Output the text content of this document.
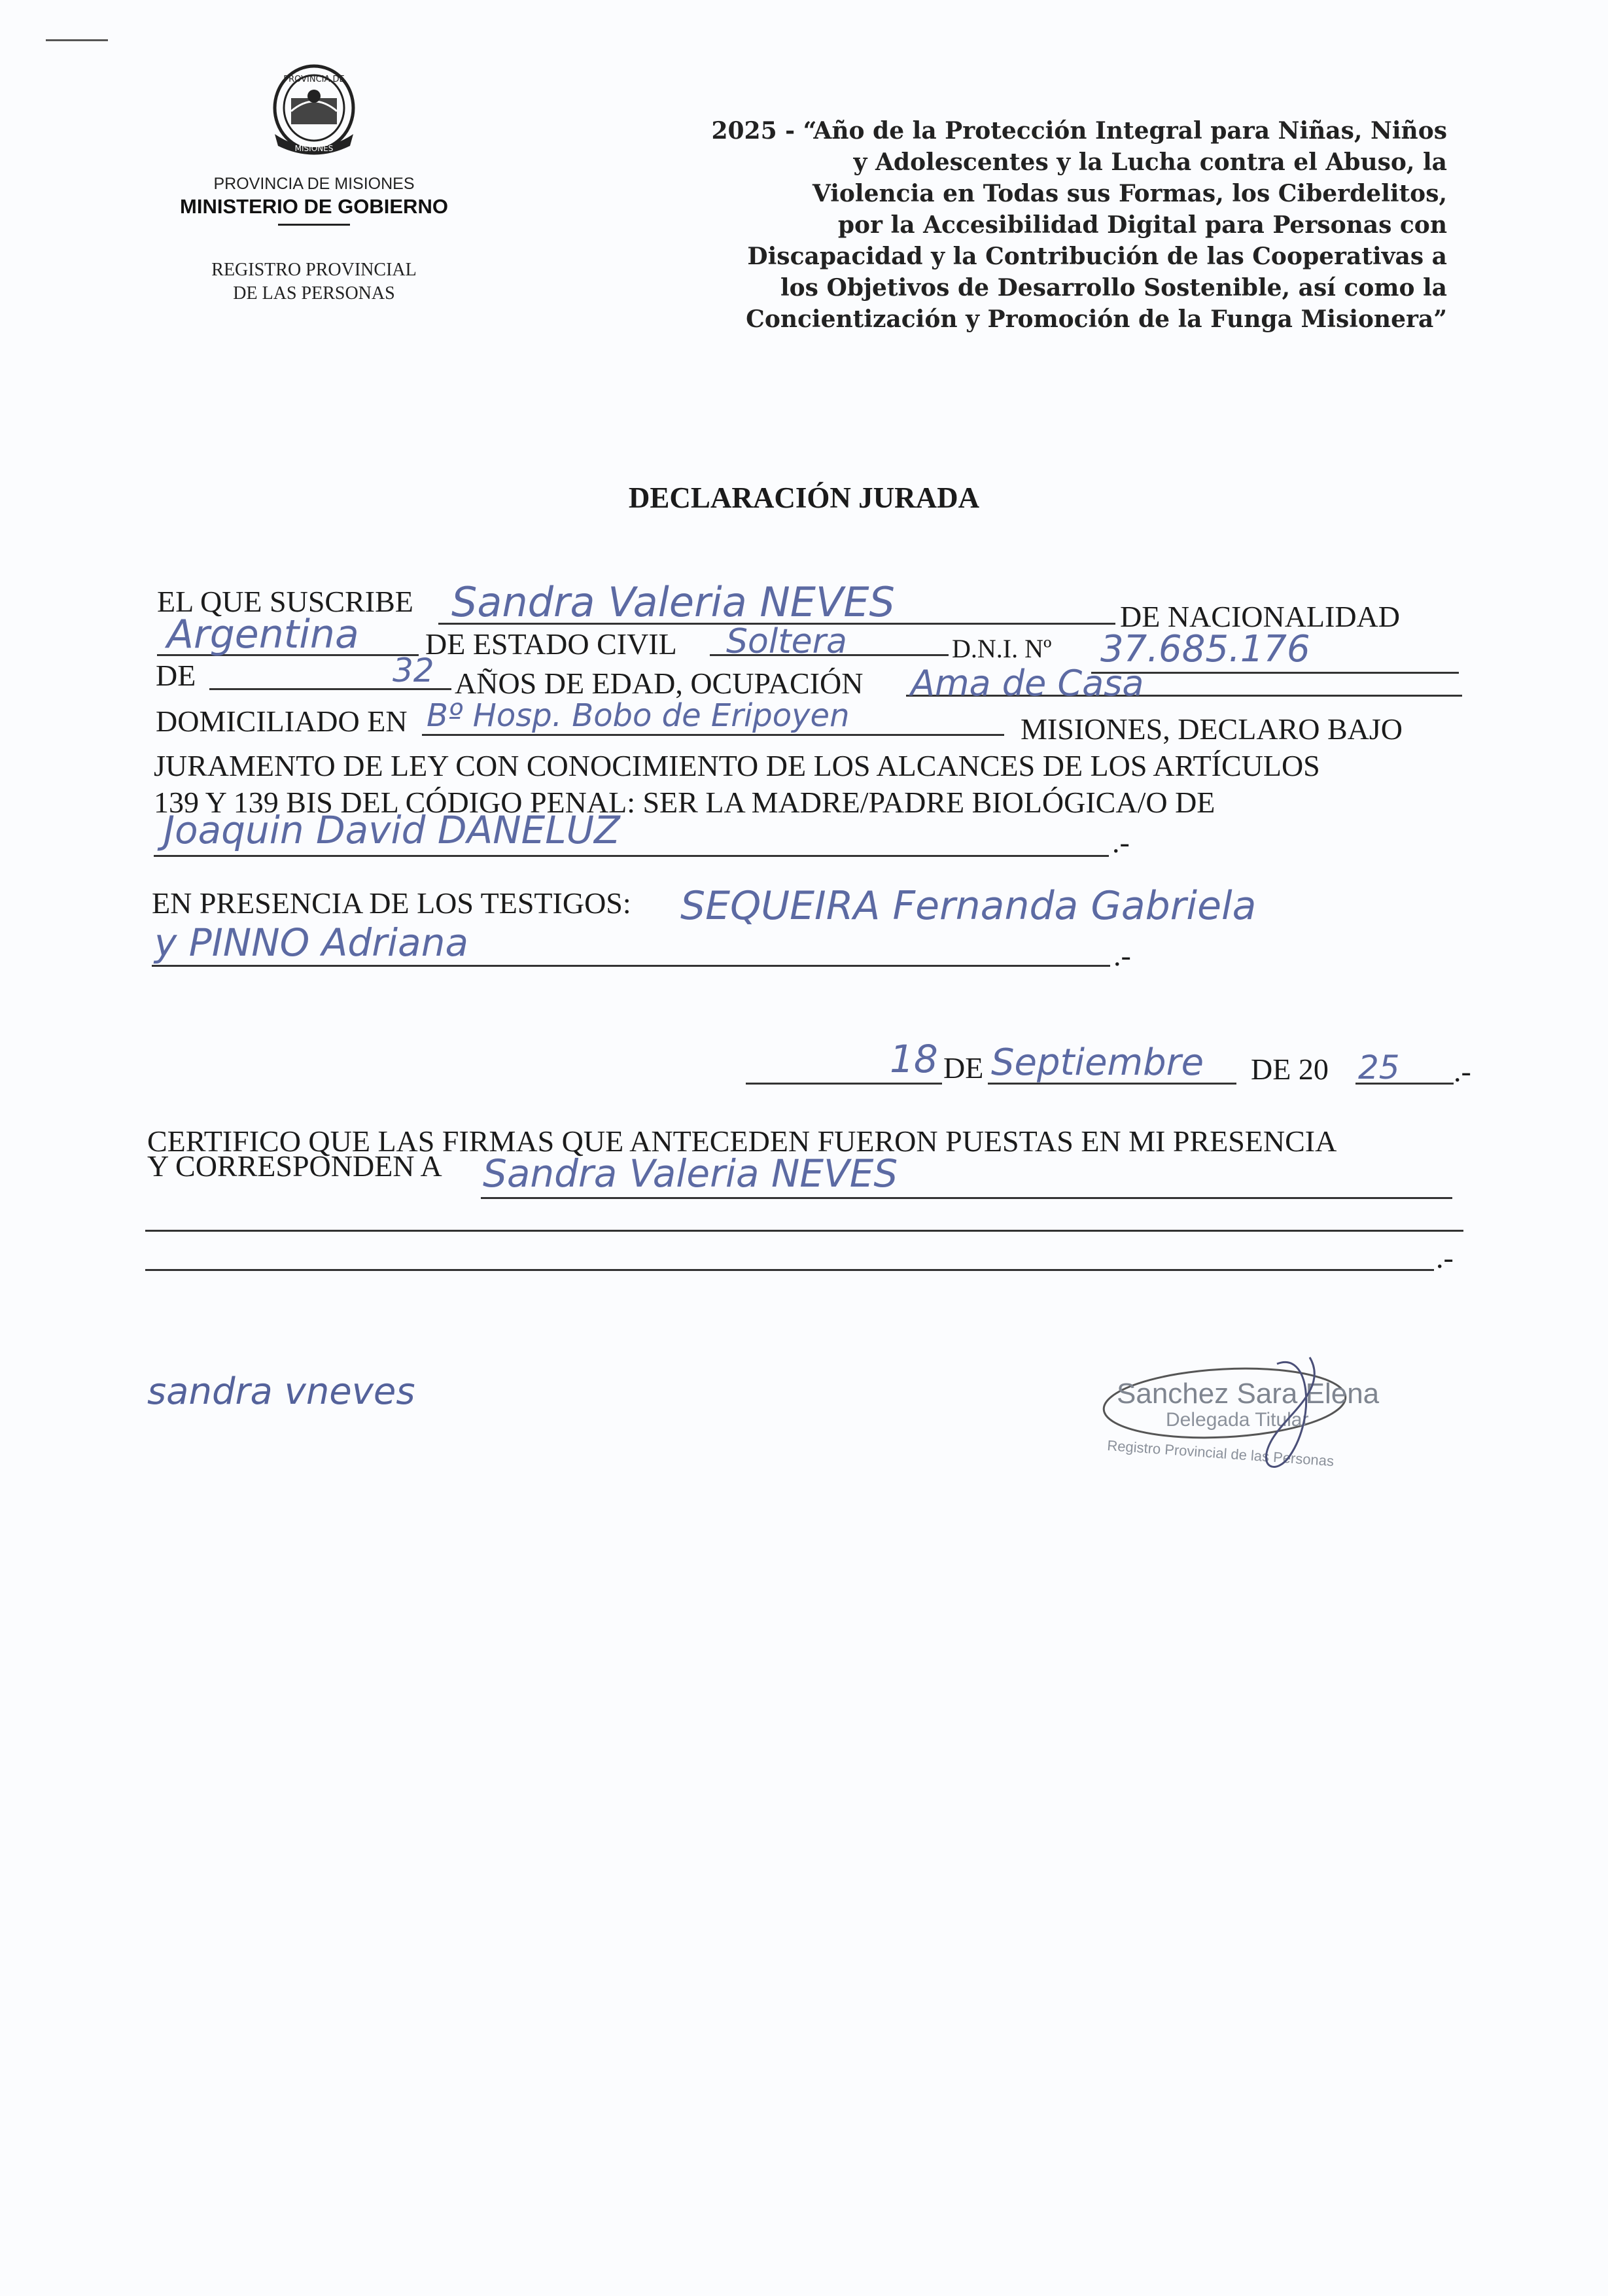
PROVINCIA DE
MISIONES
PROVINCIA DE MISIONES
MINISTERIO DE GOBIERNO
REGISTRO PROVINCIAL
DE LAS PERSONAS
2025 - “Año de la Protección Integral para Niñas, Niños
y Adolescentes y la Lucha contra el Abuso, la
Violencia en Todas sus Formas, los Ciberdelitos,
por la Accesibilidad Digital para Personas con
Discapacidad y la Contribución de las Cooperativas a
los Objetivos de Desarrollo Sostenible, así como la
Concientización y Promoción de la Funga Misionera”
DECLARACIÓN JURADA
EL QUE SUSCRIBE Sandra Valeria NEVES	DE NACIONALIDAD
Argentina DE ESTADO CIVIL Soltera	D.N.I. Nº 37.685.176
DE	32 AÑOS DE EDAD, OCUPACIÓN Ama de Casa
DOMICILIADO EN Bº Hosp. Bobo de Eripoyen	MISIONES, DECLARO BAJO
JURAMENTO DE LEY CON CONOCIMIENTO DE LOS ALCANCES DE LOS ARTÍCULOS
139 Y 139 BIS DEL CÓDIGO PENAL: SER LA MADRE/PADRE BIOLÓGICA/O DE
Joaquin David DANELUZ	.-
EN PRESENCIA DE LOS TESTIGOS: SEQUEIRA Fernanda Gabriela
y PINNO Adriana	.-
18 DE Septiembre DE 20 25 .-
CERTIFICO QUE LAS FIRMAS QUE ANTECEDEN FUERON PUESTAS EN MI PRESENCIA
Y CORRESPONDEN A Sandra Valeria NEVES
.-
sandra vneves	Sanchez Sara Elena
Delegada Titular
Registro Provincial de las Personas
